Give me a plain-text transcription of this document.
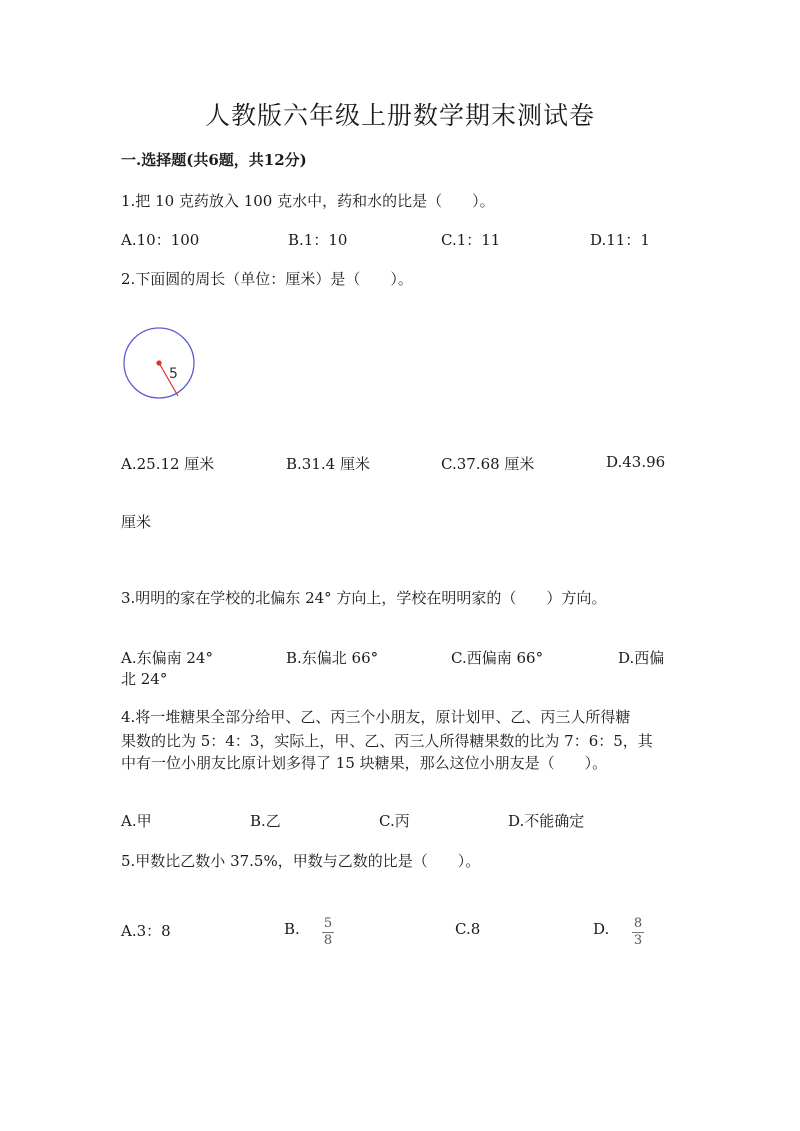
人教版六年级上册数学期末测试卷
一.选择题(共6题，共12分)
1.把 10 克药放入 100 克水中，药和水的比是（　　）。
A.10：100	B.1：10	C.1：11	D.11：1
2.下面圆的周长（单位：厘米）是（　　）。
5
A.25.12 厘米	B.31.4 厘米	C.37.68 厘米	D.43.96
厘米
3.明明的家在学校的北偏东 24° 方向上，学校在明明家的（　　）方向。
A.东偏南 24°	B.东偏北 66°	C.西偏南 66°	D.西偏
北 24°
4.将一堆糖果全部分给甲、乙、丙三个小朋友，原计划甲、乙、丙三人所得糖
果数的比为 5：4：3，实际上，甲、乙、丙三人所得糖果数的比为 7：6：5，其
中有一位小朋友比原计划多得了 15 块糖果，那么这位小朋友是（　　）。
A.甲	B.乙	C.丙	D.不能确定
5.甲数比乙数小 37.5%，甲数与乙数的比是（　　）。
A.3：8	B. $\frac{5}{8}$	C.8	D. $\frac{8}{3}$
